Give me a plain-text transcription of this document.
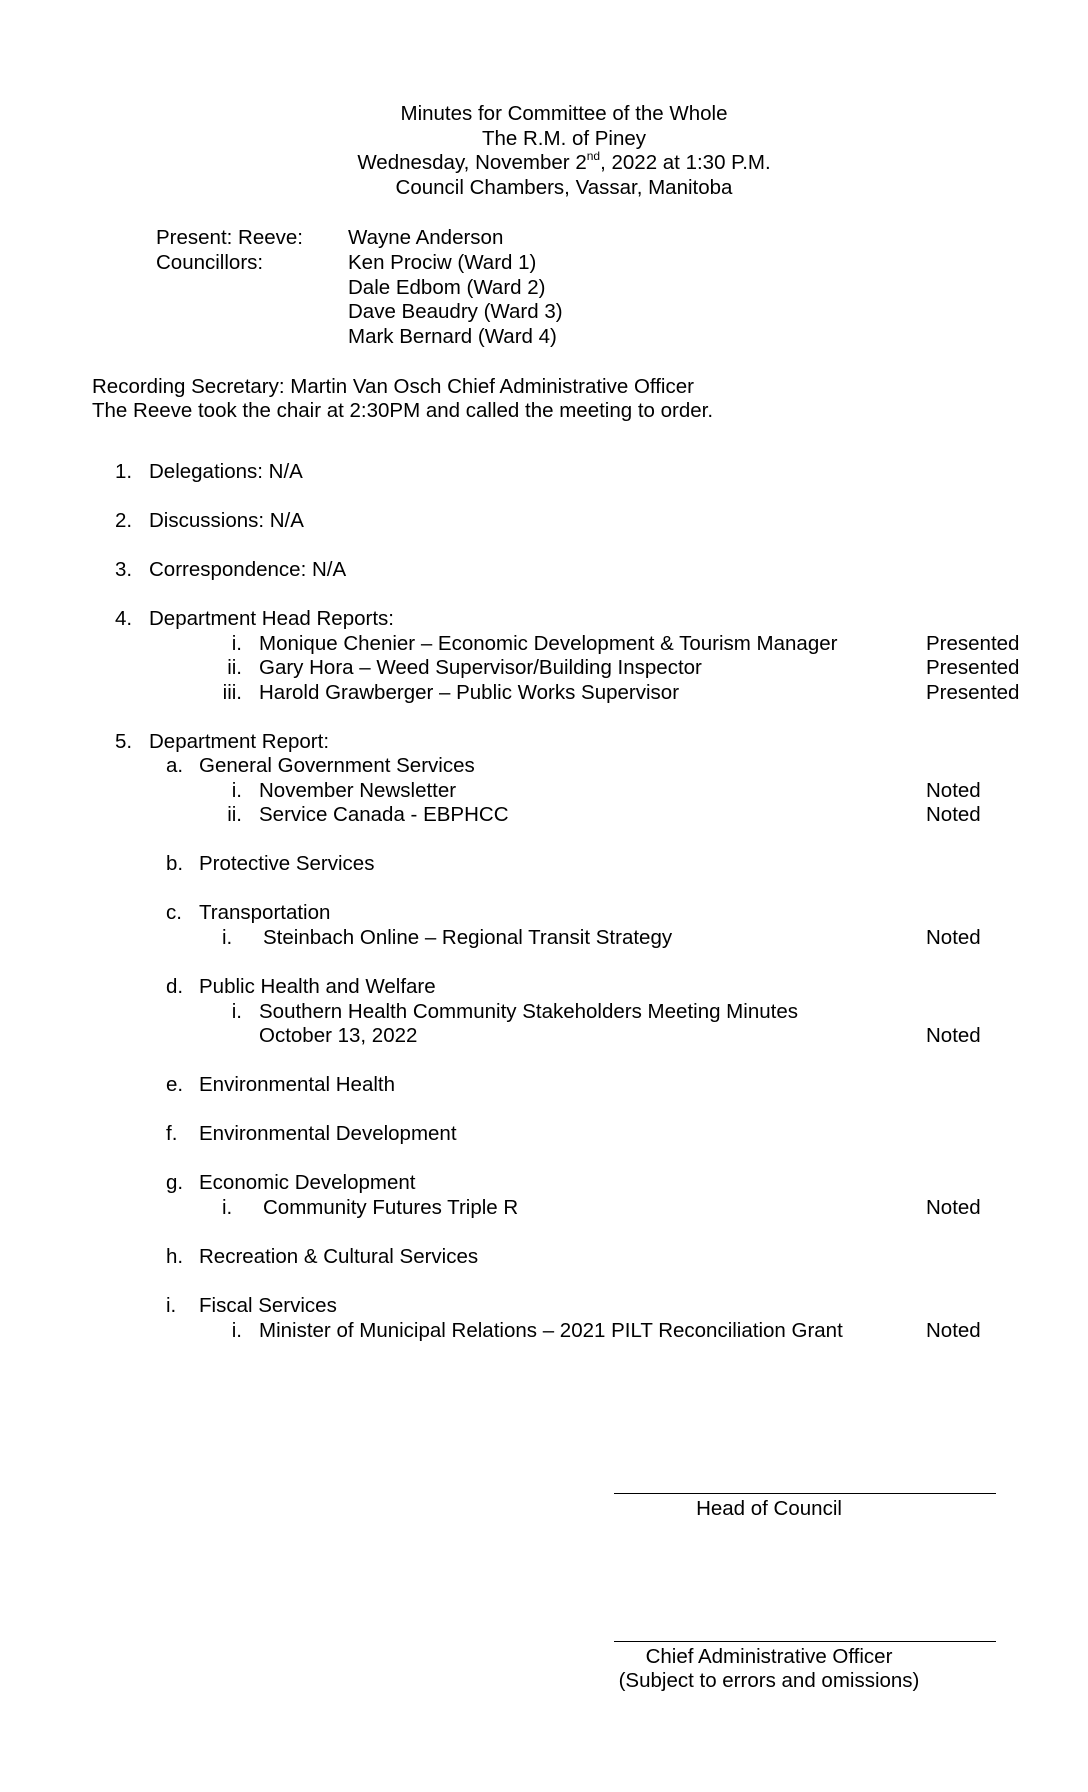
Minutes for Committee of the Whole
The R.M. of Piney
Wednesday, November 2nd, 2022 at 1:30 P.M.
Council Chambers, Vassar, Manitoba
Present: Reeve: Wayne Anderson
Councillors:	Ken Prociw (Ward 1)
Dale Edbom (Ward 2)
Dave Beaudry (Ward 3)
Mark Bernard (Ward 4)
Recording Secretary: Martin Van Osch Chief Administrative Officer
The Reeve took the chair at 2:30PM and called the meeting to order.
1. Delegations: N/A
2. Discussions: N/A
3. Correspondence: N/A
4. Department Head Reports:
i. Monique Chenier – Economic Development & Tourism Manager	Presented
ii. Gary Hora – Weed Supervisor/Building Inspector	Presented
iii. Harold Grawberger – Public Works Supervisor	Presented
5. Department Report:
a. General Government Services
i. November Newsletter	Noted
ii. Service Canada - EBPHCC	Noted
b. Protective Services
c. Transportation
i. Steinbach Online – Regional Transit Strategy	Noted
d. Public Health and Welfare
i. Southern Health Community Stakeholders Meeting Minutes
October 13, 2022	Noted
e. Environmental Health
f. Environmental Development
g. Economic Development
i. Community Futures Triple R	Noted
h. Recreation & Cultural Services
i. Fiscal Services
i. Minister of Municipal Relations – 2021 PILT Reconciliation Grant	Noted
Head of Council
Chief Administrative Officer
(Subject to errors and omissions)
